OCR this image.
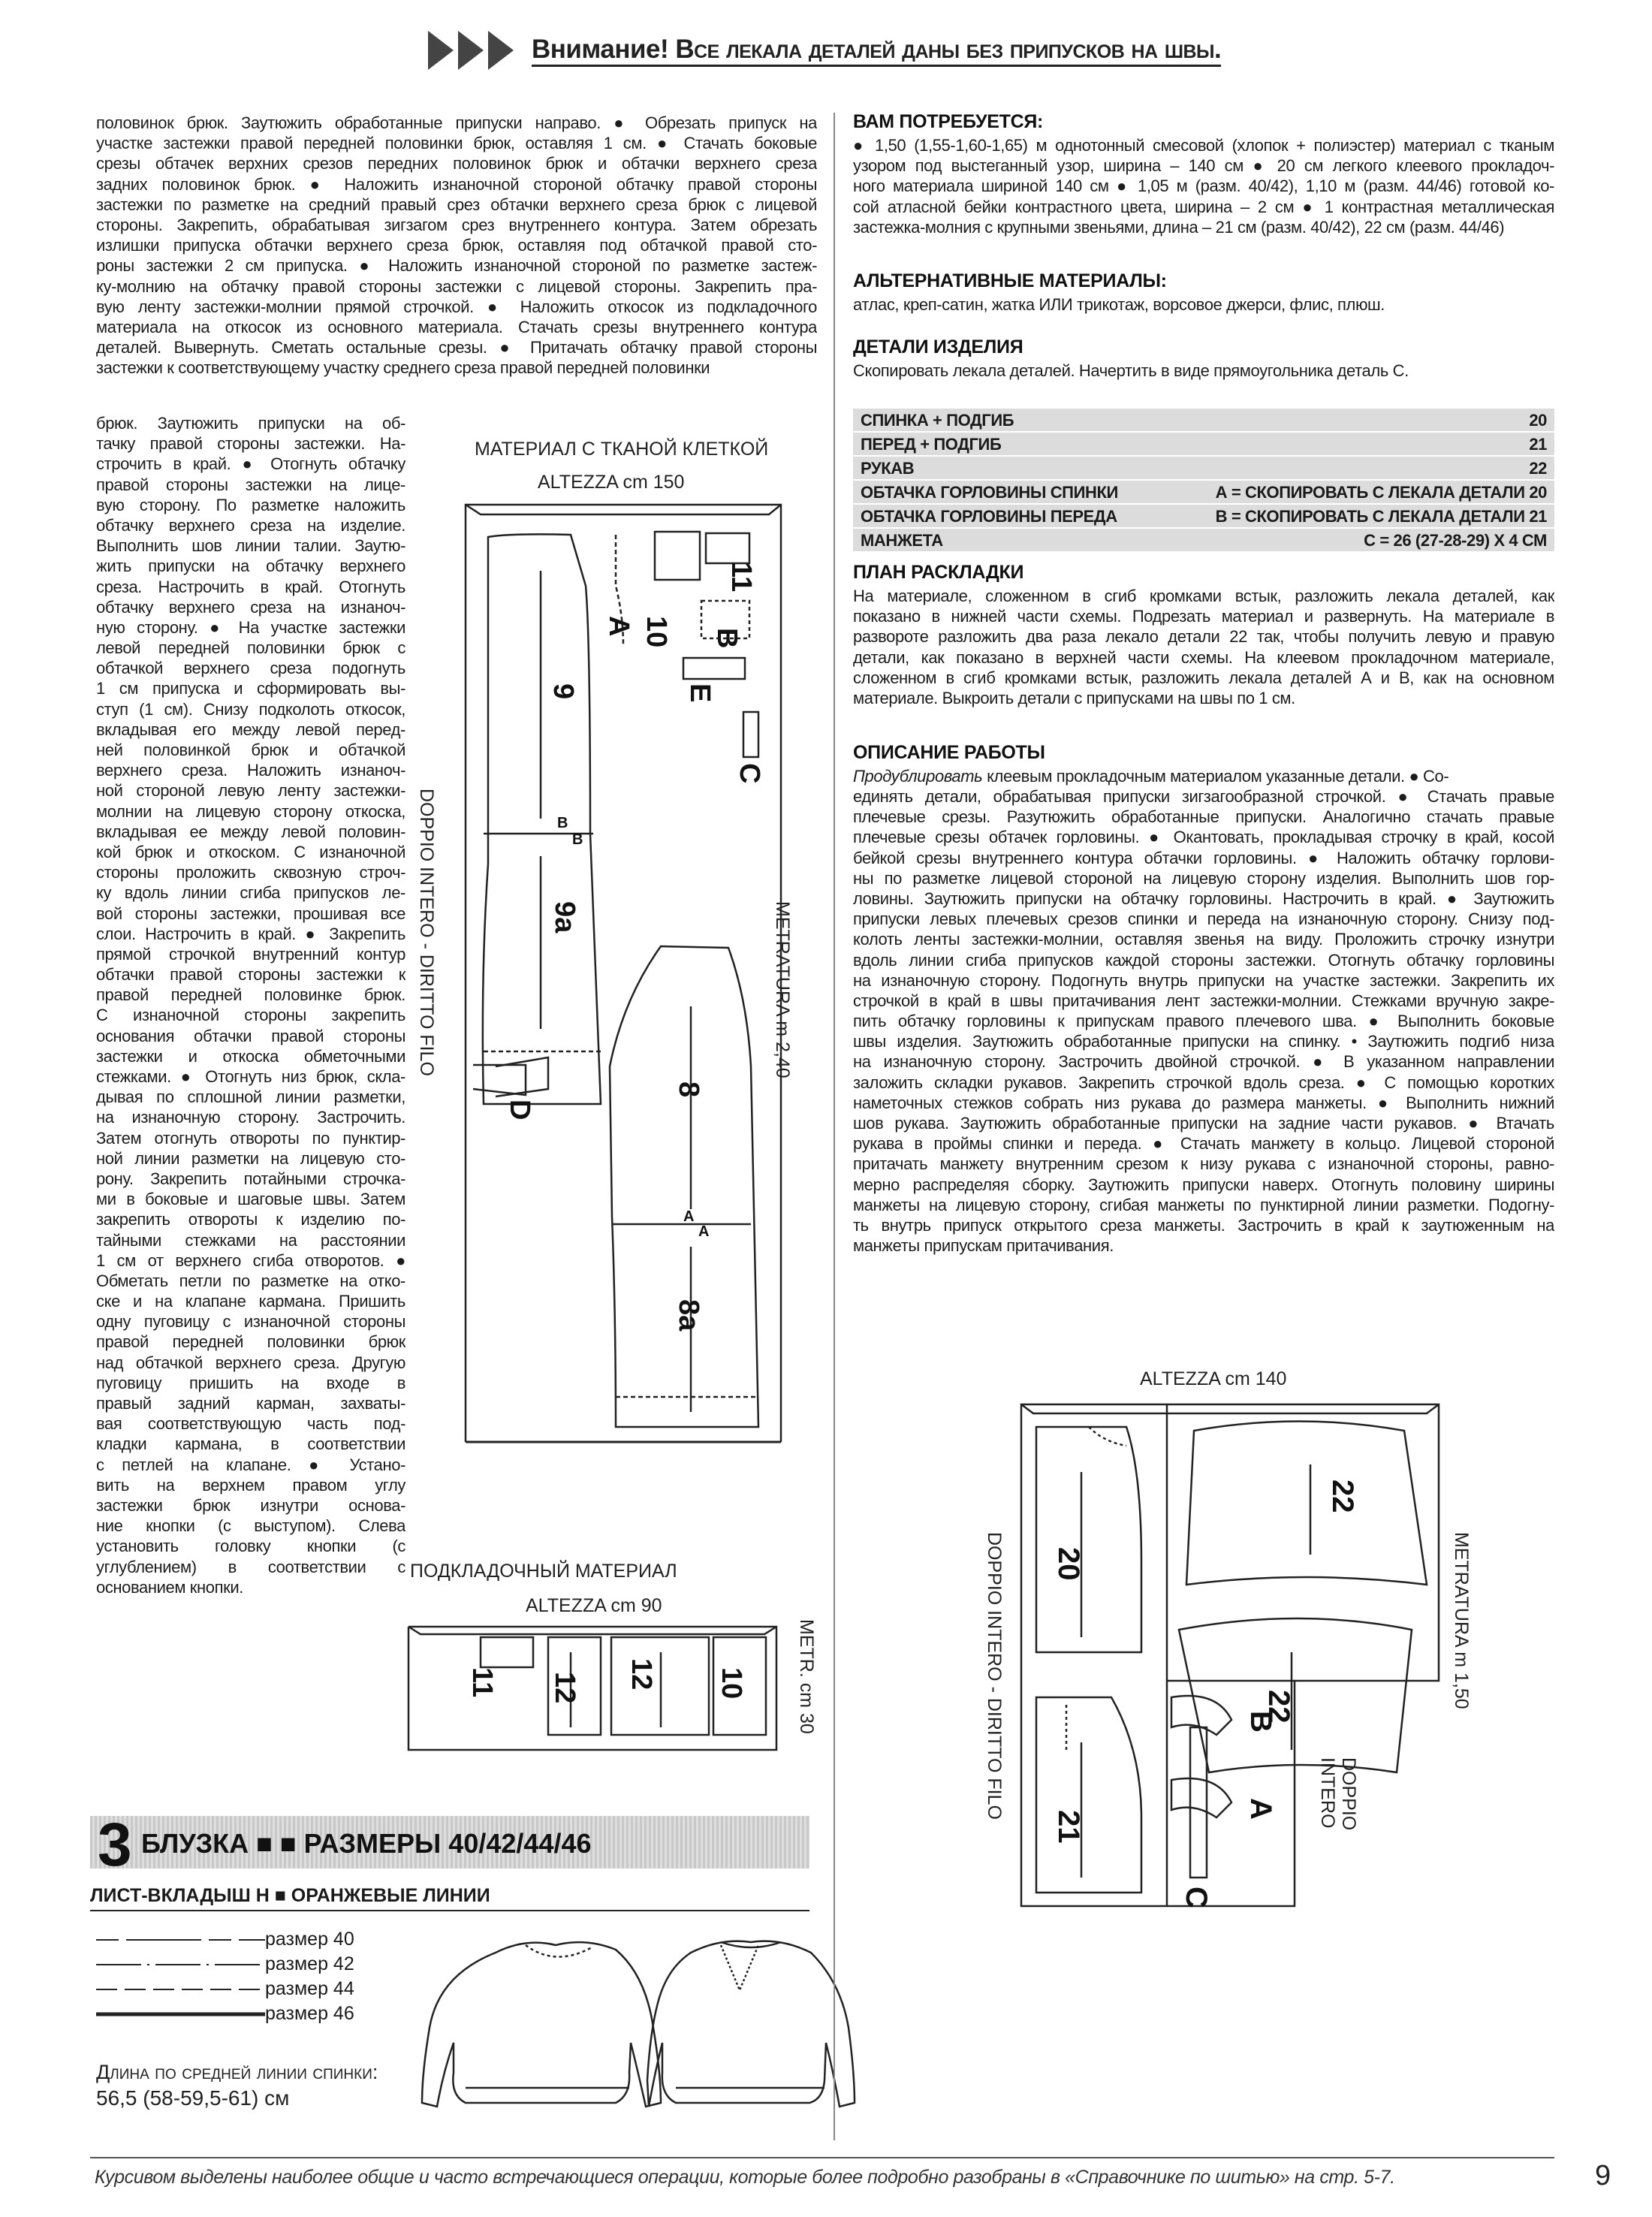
Внимание! Все лекала деталей даны без припусков на швы.
половинок брюк. Заутюжить обработанные припуски направо. ● Обрезать припуск на
участке застежки правой передней половинки брюк, оставляя 1 см. ● Стачать боковые
срезы обтачек верхних срезов передних половинок брюк и обтачки верхнего среза
задних половинок брюк. ● Наложить изнаночной стороной обтачку правой стороны
застежки по разметке на средний правый срез обтачки верхнего среза брюк с лицевой
стороны. Закрепить, обрабатывая зигзагом срез внутреннего контура. Затем обрезать
излишки припуска обтачки верхнего среза брюк, оставляя под обтачкой правой сто-
роны застежки 2 см припуска. ● Наложить изнаночной стороной по разметке застеж-
ку-молнию на обтачку правой стороны застежки с лицевой стороны. Закрепить пра-
вую ленту застежки-молнии прямой строчкой. ● Наложить откосок из подкладочного
материала на откосок из основного материала. Стачать срезы внутреннего контура
деталей. Вывернуть. Сметать остальные срезы. ● Притачать обтачку правой стороны
застежки к соответствующему участку среднего среза правой передней половинки
брюк. Заутюжить припуски на об-
тачку правой стороны застежки. На-
строчить в край. ● Отогнуть обтачку
правой стороны застежки на лице-
вую сторону. По разметке наложить
обтачку верхнего среза на изделие.
Выполнить шов линии талии. Заутю-
жить припуски на обтачку верхнего
среза. Настрочить в край. Отогнуть
обтачку верхнего среза на изнаноч-
ную сторону. ● На участке застежки
левой передней половинки брюк с
обтачкой верхнего среза подогнуть
1 см припуска и сформировать вы-
ступ (1 см). Снизу подколоть откосок,
вкладывая его между левой перед-
ней половинкой брюк и обтачкой
верхнего среза. Наложить изнаноч-
ной стороной левую ленту застежки-
молнии на лицевую сторону откоска,
вкладывая ее между левой половин-
кой брюк и откоском. С изнаночной
стороны проложить сквозную строч-
ку вдоль линии сгиба припусков ле-
вой стороны застежки, прошивая все
слои. Настрочить в край. ● Закрепить
прямой строчкой внутренний контур
обтачки правой стороны застежки к
правой передней половинке брюк.
С изнаночной стороны закрепить
основания обтачки правой стороны
застежки и откоска обметочными
стежками. ● Отогнуть низ брюк, скла-
дывая по сплошной линии разметки,
на изнаночную сторону. Застрочить.
Затем отогнуть отвороты по пунктир-
ной линии разметки на лицевую сто-
рону. Закрепить потайными строчка-
ми в боковые и шаговые швы. Затем
закрепить отвороты к изделию по-
тайными стежками на расстоянии
1 см от верхнего сгиба отворотов. ●
Обметать петли по разметке на отко-
ске и на клапане кармана. Пришить
одну пуговицу с изнаночной стороны
правой передней половинки брюк
над обтачкой верхнего среза. Другую
пуговицу пришить на входе в
правый задний карман, захваты-
вая соответствующую часть под-
кладки кармана, в соответствии
с петлей на клапане. ● Устано-
вить на верхнем правом углу
застежки брюк изнутри основа-
ние кнопки (с выступом). Слева
установить головку кнопки (с
углублением) в соответствии с
основанием кнопки.
МАТЕРИАЛ С ТКАНОЙ КЛЕТКОЙ
ALTEZZA cm 150
DOPPIO INTERO - DIRITTO FILO	METRATURA m 2,40
11
10
A
B
E
C
9
9a
8
8a
D
B
B
A
A
ПОДКЛАДОЧНЫЙ МАТЕРИАЛ
ALTEZZA cm 90
METR. cm 30
11 12 12 10
3 БЛУЗКА ■ ■ РАЗМЕРЫ 40/42/44/46
ЛИСТ-ВКЛАДЫШ Н ■ ОРАНЖЕВЫЕ ЛИНИИ
размер 40
размер 42
размер 44
размер 46
Длина по средней линии спинки:
56,5 (58-59,5-61) см
ВАМ ПОТРЕБУЕТСЯ:
● 1,50 (1,55-1,60-1,65) м однотонный смесовой (хлопок + полиэстер) материал с тканым
узором под выстеганный узор, ширина – 140 см ● 20 см легкого клеевого прокладоч-
ного материала шириной 140 см ● 1,05 м (разм. 40/42), 1,10 м (разм. 44/46) готовой ко-
сой атласной бейки контрастного цвета, ширина – 2 см ● 1 контрастная металлическая
застежка-молния с крупными звеньями, длина – 21 см (разм. 40/42), 22 см (разм. 44/46)
АЛЬТЕРНАТИВНЫЕ МАТЕРИАЛЫ:
атлас, креп-сатин, жатка ИЛИ трикотаж, ворсовое джерси, флис, плюш.
ДЕТАЛИ ИЗДЕЛИЯ
Скопировать лекала деталей. Начертить в виде прямоугольника деталь С.
СПИНКА + ПОДГИБ	20
ПЕРЕД + ПОДГИБ	21
РУКАВ	22
ОБТАЧКА ГОРЛОВИНЫ СПИНКИ	А = СКОПИРОВАТЬ С ЛЕКАЛА ДЕТАЛИ 20
ОБТАЧКА ГОРЛОВИНЫ ПЕРЕДА	В = СКОПИРОВАТЬ С ЛЕКАЛА ДЕТАЛИ 21
МАНЖЕТА	С = 26 (27-28-29) Х 4 СМ
ПЛАН РАСКЛАДКИ
На материале, сложенном в сгиб кромками встык, разложить лекала деталей, как
показано в нижней части схемы. Подрезать материал и развернуть. На материале в
развороте разложить два раза лекало детали 22 так, чтобы получить левую и правую
детали, как показано в верхней части схемы. На клеевом прокладочном материале,
сложенном в сгиб кромками встык, разложить лекала деталей А и В, как на основном
материале. Выкроить детали с припусками на швы по 1 см.
ОПИСАНИЕ РАБОТЫ
Продублировать клеевым прокладочным материалом указанные детали. ● Со-
единять детали, обрабатывая припуски зигзагообразной строчкой. ● Стачать правые
плечевые срезы. Разутюжить обработанные припуски. Аналогично стачать правые
плечевые срезы обтачек горловины. ● Окантовать, прокладывая строчку в край, косой
бейкой срезы внутреннего контура обтачки горловины. ● Наложить обтачку горлови-
ны по разметке лицевой стороной на лицевую сторону изделия. Выполнить шов гор-
ловины. Заутюжить припуски на обтачку горловины. Настрочить в край. ● Заутюжить
припуски левых плечевых срезов спинки и переда на изнаночную сторону. Снизу под-
колоть ленты застежки-молнии, оставляя звенья на виду. Проложить строчку изнутри
вдоль линии сгиба припусков каждой стороны застежки. Отогнуть обтачку горловины
на изнаночную сторону. Подогнуть внутрь припуски на участке застежки. Закрепить их
строчкой в край в швы притачивания лент застежки-молнии. Стежками вручную закре-
пить обтачку горловины к припускам правого плечевого шва. ● Выполнить боковые
швы изделия. Заутюжить обработанные припуски на спинку. • Заутюжить подгиб низа
на изнаночную сторону. Застрочить двойной строчкой. ● В указанном направлении
заложить складки рукавов. Закрепить строчкой вдоль среза. ● С помощью коротких
наметочных стежков собрать низ рукава до размера манжеты. ● Выполнить нижний
шов рукава. Заутюжить обработанные припуски на задние части рукавов. ● Втачать
рукава в проймы спинки и переда. ● Стачать манжету в кольцо. Лицевой стороной
притачать манжету внутренним срезом к низу рукава с изнаночной стороны, равно-
мерно распределяя сборку. Заутюжить припуски наверх. Отогнуть половину ширины
манжеты на лицевую сторону, сгибая манжеты по пунктирной линии разметки. Подогну-
ть внутрь припуск открытого среза манжеты. Застрочить в край к заутюженным на
манжеты припускам притачивания.
ALTEZZA cm 140
DOPPIO INTERO - DIRITTO FILO	METRATURA m 1,50
DOPPIO
INTERO
20
21
22
22
B
A
C
Курсивом выделены наиболее общие и часто встречающиеся операции, которые более подробно разобраны в «Справочнике по шитью» на стр. 5-7.	9
